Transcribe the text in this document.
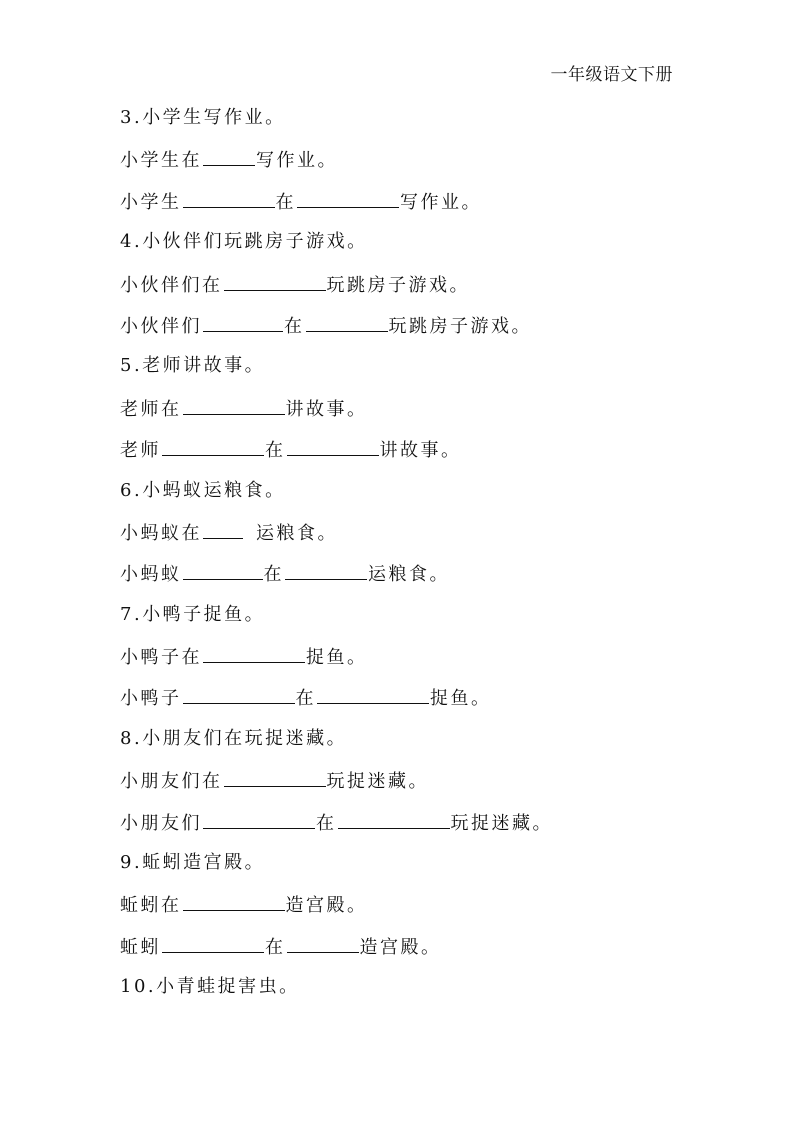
一年级语文下册
3.小学生写作业。
小学生在	写作业。
小学生	在	写作业。
4.小伙伴们玩跳房子游戏。
小伙伴们在	玩跳房子游戏。
小伙伴们	在	玩跳房子游戏。
5.老师讲故事。
老师在	讲故事。
老师	在	讲故事。
6.小蚂蚁运粮食。
小蚂蚁在	运粮食。
小蚂蚁	在	运粮食。
7.小鸭子捉鱼。
小鸭子在	捉鱼。
小鸭子	在	捉鱼。
8.小朋友们在玩捉迷藏。
小朋友们在	玩捉迷藏。
小朋友们	在	玩捉迷藏。
9.蚯蚓造宫殿。
蚯蚓在	造宫殿。
蚯蚓	在	造宫殿。
10.小青蛙捉害虫。
